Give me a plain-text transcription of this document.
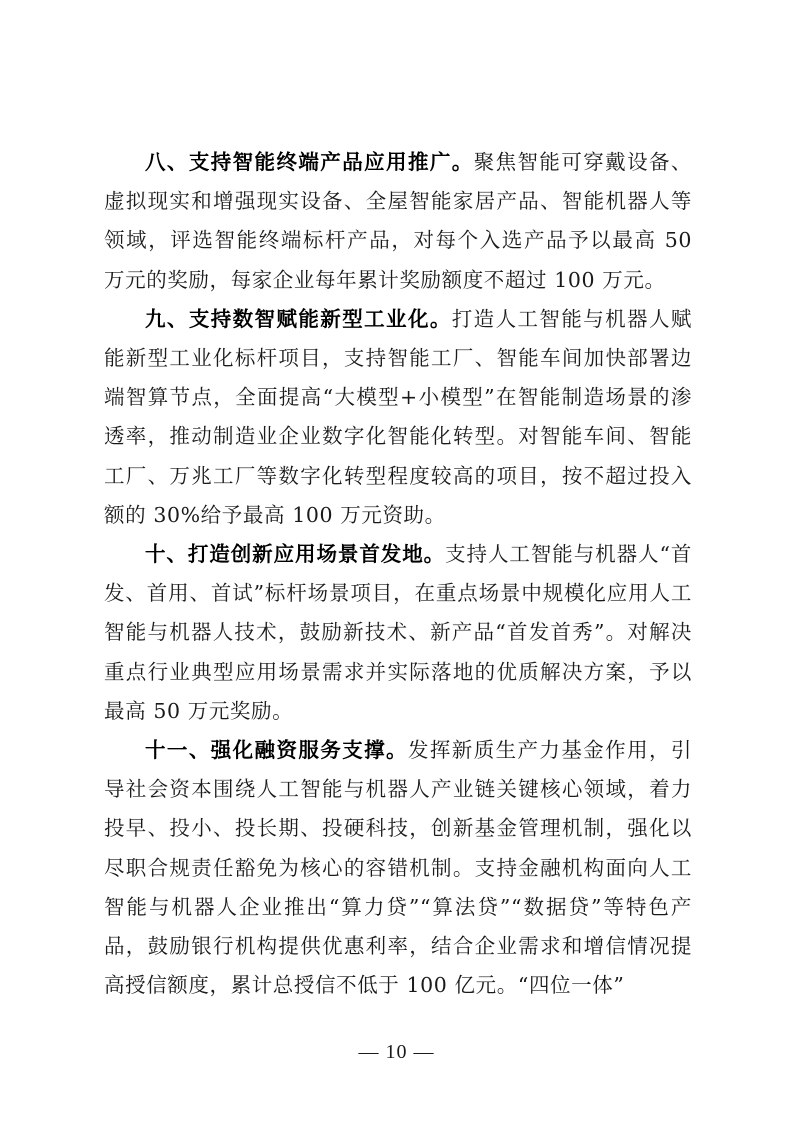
八、支持智能终端产品应用推广。聚焦智能可穿戴设备、虚拟现实和增强现实设备、全屋智能家居产品、智能机器人等领域，评选智能终端标杆产品，对每个入选产品予以最高 50 万元的奖励，每家企业每年累计奖励额度不超过 100 万元。

九、支持数智赋能新型工业化。打造人工智能与机器人赋能新型工业化标杆项目，支持智能工厂、智能车间加快部署边端智算节点，全面提高“大模型+小模型”在智能制造场景的渗透率，推动制造业企业数字化智能化转型。对智能车间、智能工厂、万兆工厂等数字化转型程度较高的项目，按不超过投入额的 30%给予最高 100 万元资助。

十、打造创新应用场景首发地。支持人工智能与机器人“首发、首用、首试”标杆场景项目，在重点场景中规模化应用人工智能与机器人技术，鼓励新技术、新产品“首发首秀”。对解决重点行业典型应用场景需求并实际落地的优质解决方案，予以最高 50 万元奖励。

十一、强化融资服务支撑。发挥新质生产力基金作用，引导社会资本围绕人工智能与机器人产业链关键核心领域，着力投早、投小、投长期、投硬科技，创新基金管理机制，强化以尽职合规责任豁免为核心的容错机制。支持金融机构面向人工智能与机器人企业推出“算力贷”“算法贷”“数据贷”等特色产品，鼓励银行机构提供优惠利率，结合企业需求和增信情况提高授信额度，累计总授信不低于 100 亿元。“四位一体”

— 10 —
